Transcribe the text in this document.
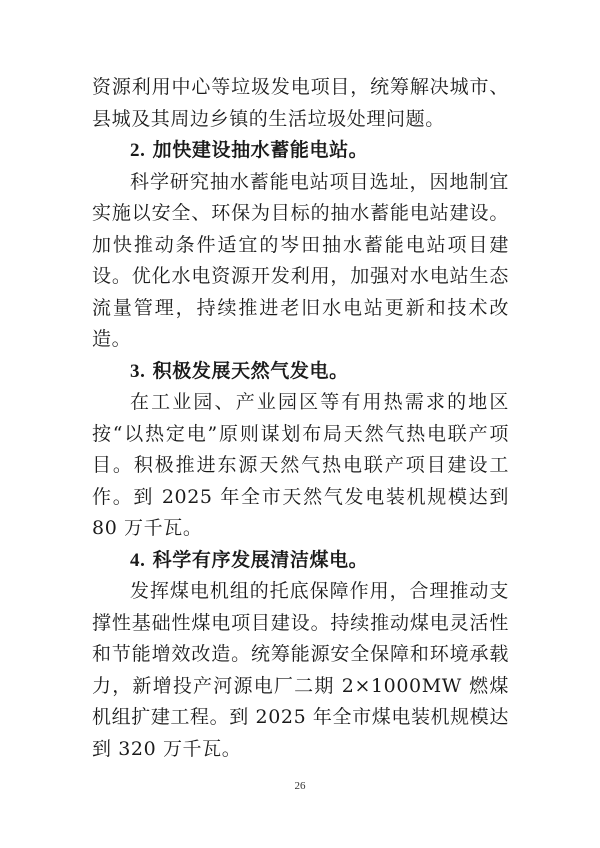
资源利用中心等垃圾发电项目，统筹解决城市、县城及其周边乡镇的生活垃圾处理问题。

2. 加快建设抽水蓄能电站。

科学研究抽水蓄能电站项目选址，因地制宜实施以安全、环保为目标的抽水蓄能电站建设。加快推动条件适宜的岑田抽水蓄能电站项目建设。优化水电资源开发利用，加强对水电站生态流量管理，持续推进老旧水电站更新和技术改造。

3. 积极发展天然气发电。

在工业园、产业园区等有用热需求的地区按“以热定电”原则谋划布局天然气热电联产项目。积极推进东源天然气热电联产项目建设工作。到 2025 年全市天然气发电装机规模达到 80 万千瓦。

4. 科学有序发展清洁煤电。

发挥煤电机组的托底保障作用，合理推动支撑性基础性煤电项目建设。持续推动煤电灵活性和节能增效改造。统筹能源安全保障和环境承载力，新增投产河源电厂二期 2×1000MW 燃煤机组扩建工程。到 2025 年全市煤电装机规模达到 320 万千瓦。

26
